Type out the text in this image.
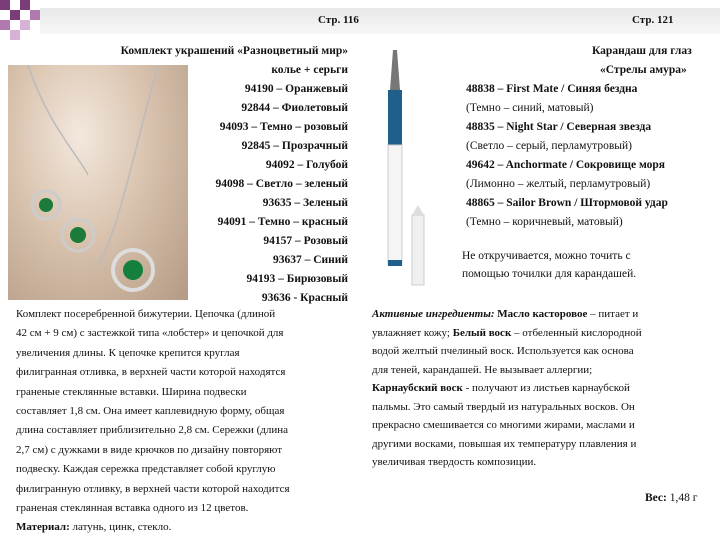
Стр. 116	Стр. 121
Комплект украшений «Разноцветный мир»
колье + серьги
94190 – Оранжевый
92844 – Фиолетовый
94093 – Темно – розовый
92845 – Прозрачный
94092 – Голубой
94098 – Светло – зеленый
93635 – Зеленый
94091 – Темно – красный
94157 – Розовый
93637 – Синий
94193 – Бирюзовый
93636 - Красный
Комплект посеребренной бижутерии. Цепочка (длиной
42 см + 9 см) с застежкой типа «лобстер» и цепочкой для
увеличения длины. К цепочке крепится круглая
филигранная отливка, в верхней части которой находятся
граненые стеклянные вставки. Ширина подвески
составляет 1,8 см. Она имеет каплевидную форму, общая
длина составляет приблизительно 2,8 см. Сережки (длина
2,7 см) с дужками в виде крючков по дизайну повторяют
подвеску. Каждая сережка представляет собой круглую
филигранную отливку, в верхней части которой находится
граненая стеклянная вставка одного из 12 цветов.
Материал: латунь, цинк, стекло.
Карандаш для глаз
«Стрелы амура»
48838 – First Mate / Синяя бездна
(Темно – синий, матовый)
48835 – Night Star / Северная звезда
(Светло – серый, перламутровый)
49642 – Anchormate / Сокровище моря
(Лимонно – желтый, перламутровый)
48865 – Sailor Brown / Штормовой удар
(Темно – коричневый, матовый)
Не откручивается, можно точить с
помощью точилки для карандашей.
Активные ингредиенты: Масло касторовое – питает и
увлажняет кожу; Белый воск – отбеленный кислородной
водой желтый пчелиный воск. Используется как основа
для теней, карандашей. Не вызывает аллергии;
Карнаубский воск - получают из листьев карнаубской
пальмы. Это самый твердый из натуральных восков. Он
прекрасно смешивается со многими жирами, маслами и
другими восками, повышая их температуру плавления и
увеличивая твердость композиции.
Вес: 1,48 г
